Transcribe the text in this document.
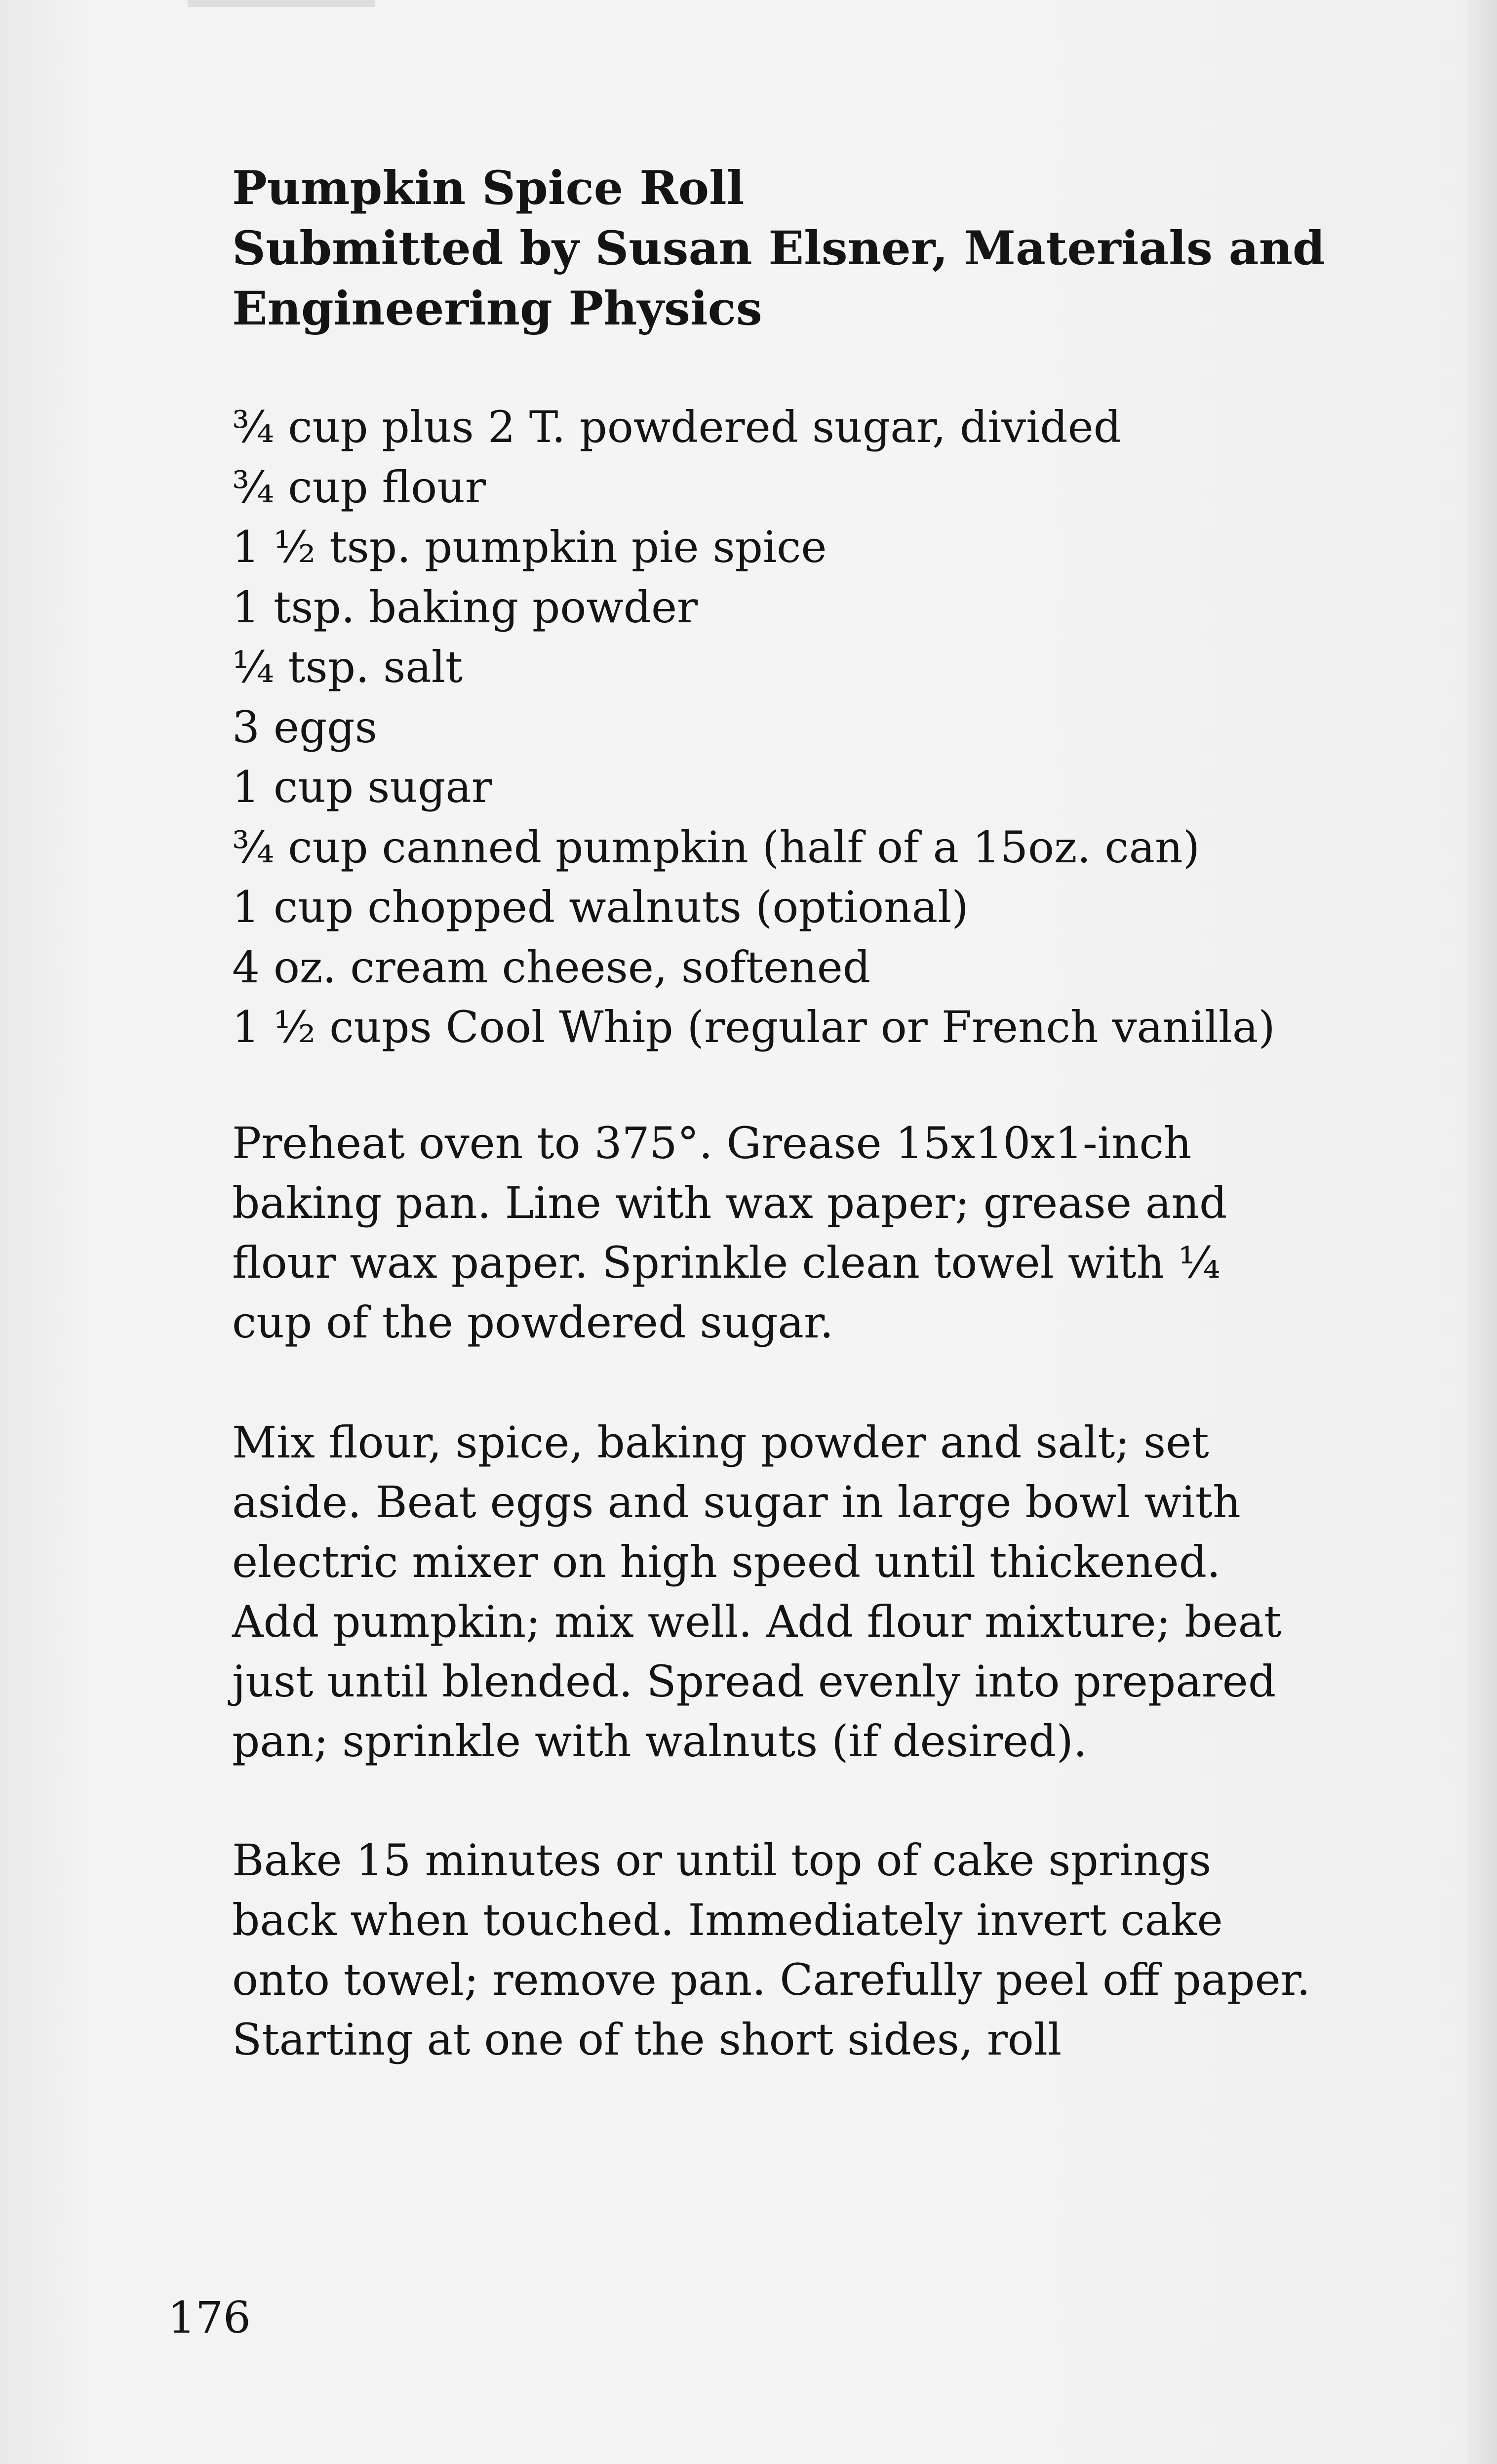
Pumpkin Spice Roll
Submitted by Susan Elsner, Materials and
Engineering Physics
¾ cup plus 2 T. powdered sugar, divided
¾ cup flour
1 ½ tsp. pumpkin pie spice
1 tsp. baking powder
¼ tsp. salt
3 eggs
1 cup sugar
¾ cup canned pumpkin (half of a 15oz. can)
1 cup chopped walnuts (optional)
4 oz. cream cheese, softened
1 ½ cups Cool Whip (regular or French vanilla)
Preheat oven to 375°. Grease 15x10x1-inch
baking pan. Line with wax paper; grease and
flour wax paper. Sprinkle clean towel with ¼
cup of the powdered sugar.
Mix flour, spice, baking powder and salt; set
aside. Beat eggs and sugar in large bowl with
electric mixer on high speed until thickened.
Add pumpkin; mix well. Add flour mixture; beat
just until blended. Spread evenly into prepared
pan; sprinkle with walnuts (if desired).
Bake 15 minutes or until top of cake springs
back when touched. Immediately invert cake
onto towel; remove pan. Carefully peel off paper.
Starting at one of the short sides, roll
176
